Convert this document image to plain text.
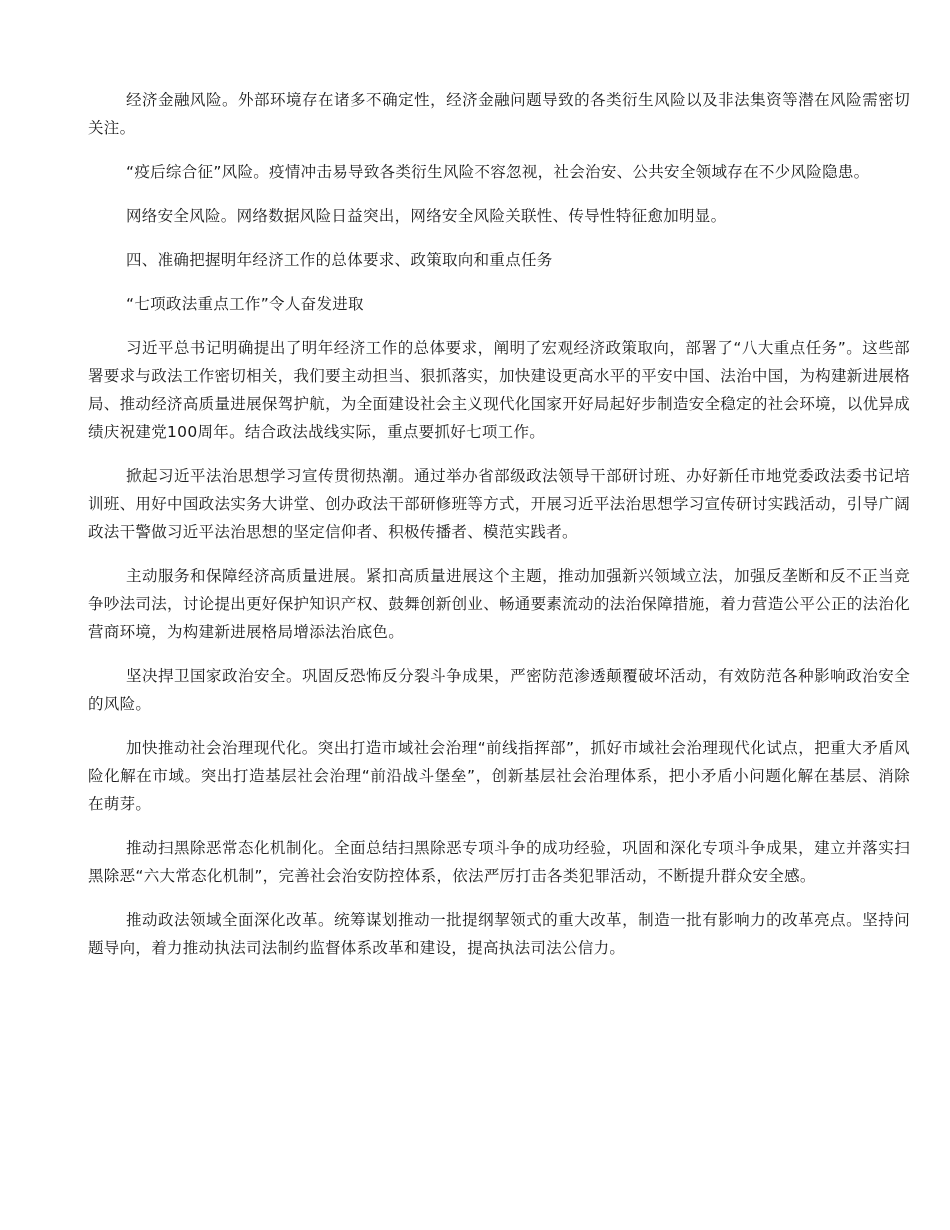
经济金融风险。外部环境存在诸多不确定性，经济金融问题导致的各类衍生风险以及非法集资等潜在风险需密切关注。

“疫后综合征”风险。疫情冲击易导致各类衍生风险不容忽视，社会治安、公共安全领域存在不少风险隐患。

网络安全风险。网络数据风险日益突出，网络安全风险关联性、传导性特征愈加明显。

四、准确把握明年经济工作的总体要求、政策取向和重点任务

“七项政法重点工作”令人奋发进取

习近平总书记明确提出了明年经济工作的总体要求，阐明了宏观经济政策取向，部署了“八大重点任务”。这些部署要求与政法工作密切相关，我们要主动担当、狠抓落实，加快建设更高水平的平安中国、法治中国，为构建新进展格局、推动经济高质量进展保驾护航，为全面建设社会主义现代化国家开好局起好步制造安全稳定的社会环境，以优异成绩庆祝建党100周年。结合政法战线实际，重点要抓好七项工作。

掀起习近平法治思想学习宣传贯彻热潮。通过举办省部级政法领导干部研讨班、办好新任市地党委政法委书记培训班、用好中国政法实务大讲堂、创办政法干部研修班等方式，开展习近平法治思想学习宣传研讨实践活动，引导广阔政法干警做习近平法治思想的坚定信仰者、积极传播者、模范实践者。

主动服务和保障经济高质量进展。紧扣高质量进展这个主题，推动加强新兴领域立法，加强反垄断和反不正当竞争吵法司法，讨论提出更好保护知识产权、鼓舞创新创业、畅通要素流动的法治保障措施，着力营造公平公正的法治化营商环境，为构建新进展格局增添法治底色。

坚决捍卫国家政治安全。巩固反恐怖反分裂斗争成果，严密防范渗透颠覆破坏活动，有效防范各种影响政治安全的风险。

加快推动社会治理现代化。突出打造市域社会治理“前线指挥部”，抓好市域社会治理现代化试点，把重大矛盾风险化解在市域。突出打造基层社会治理“前沿战斗堡垒”，创新基层社会治理体系，把小矛盾小问题化解在基层、消除在萌芽。

推动扫黑除恶常态化机制化。全面总结扫黑除恶专项斗争的成功经验，巩固和深化专项斗争成果，建立并落实扫黑除恶“六大常态化机制”，完善社会治安防控体系，依法严厉打击各类犯罪活动，不断提升群众安全感。

推动政法领域全面深化改革。统筹谋划推动一批提纲挈领式的重大改革，制造一批有影响力的改革亮点。坚持问题导向，着力推动执法司法制约监督体系改革和建设，提高执法司法公信力。
